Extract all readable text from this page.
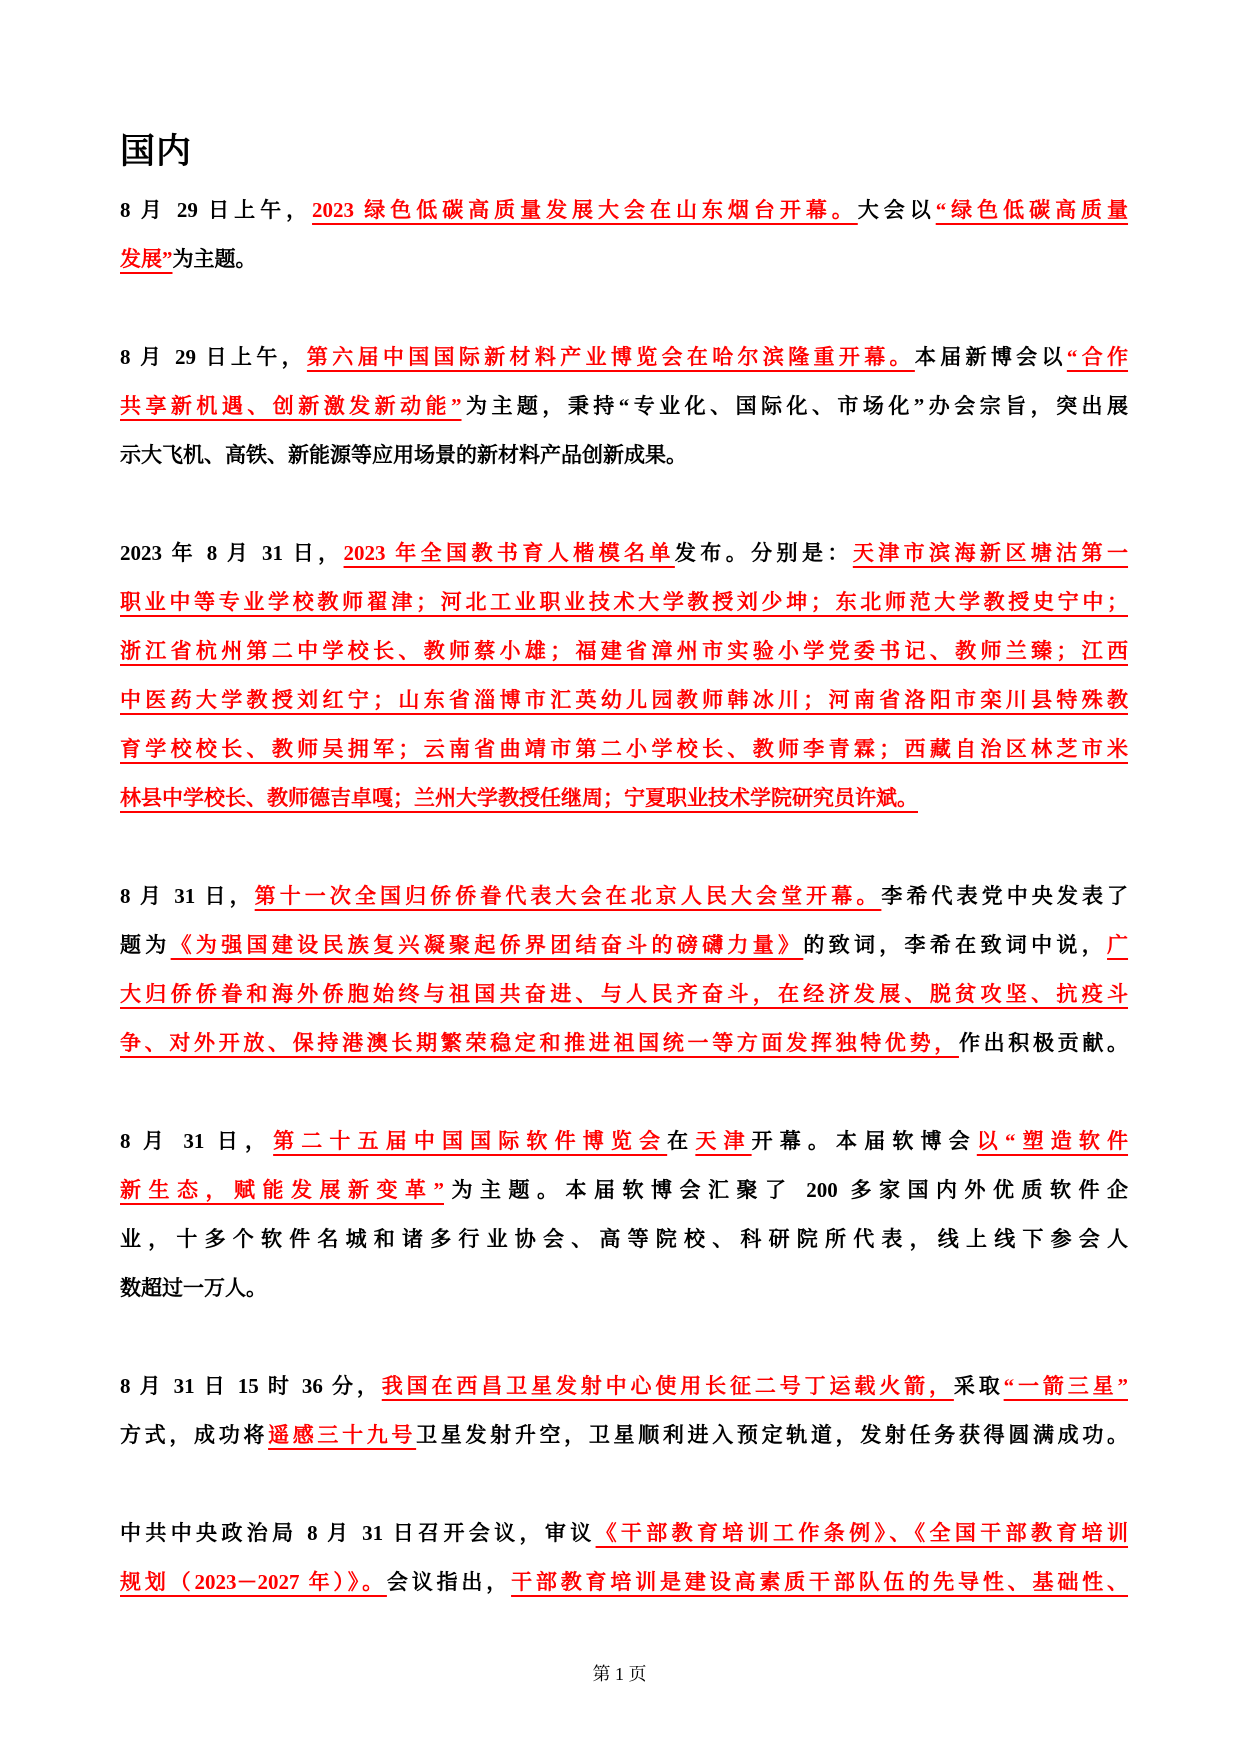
国内
8 月 29 日上午，2023 绿色低碳高质量发展大会在山东烟台开幕。大会以“绿色低碳高质量
发展”为主题。
8 月 29 日上午，第六届中国国际新材料产业博览会在哈尔滨隆重开幕。本届新博会以“合作
共享新机遇、创新激发新动能”为主题，秉持“专业化、国际化、市场化”办会宗旨，突出展
示大飞机、高铁、新能源等应用场景的新材料产品创新成果。
2023 年 8 月 31 日，2023 年全国教书育人楷模名单发布。分别是：天津市滨海新区塘沽第一
职业中等专业学校教师翟津；河北工业职业技术大学教授刘少坤；东北师范大学教授史宁中；
浙江省杭州第二中学校长、教师蔡小雄；福建省漳州市实验小学党委书记、教师兰臻；江西
中医药大学教授刘红宁；山东省淄博市汇英幼儿园教师韩冰川；河南省洛阳市栾川县特殊教
育学校校长、教师吴拥军；云南省曲靖市第二小学校长、教师李青霖；西藏自治区林芝市米
林县中学校长、教师德吉卓嘎；兰州大学教授任继周；宁夏职业技术学院研究员许斌。
8 月 31 日，第十一次全国归侨侨眷代表大会在北京人民大会堂开幕。李希代表党中央发表了
题为《为强国建设民族复兴凝聚起侨界团结奋斗的磅礴力量》的致词，李希在致词中说，广
大归侨侨眷和海外侨胞始终与祖国共奋进、与人民齐奋斗，在经济发展、脱贫攻坚、抗疫斗
争、对外开放、保持港澳长期繁荣稳定和推进祖国统一等方面发挥独特优势，作出积极贡献。
8 月 31 日，第二十五届中国国际软件博览会在天津开幕。本届软博会以“塑造软件
新生态，赋能发展新变革”为主题。本届软博会汇聚了 200 多家国内外优质软件企
业，十多个软件名城和诸多行业协会、高等院校、科研院所代表，线上线下参会人
数超过一万人。
8 月 31 日 15 时 36 分，我国在西昌卫星发射中心使用长征二号丁运载火箭，采取“一箭三星”
方式，成功将遥感三十九号卫星发射升空，卫星顺利进入预定轨道，发射任务获得圆满成功。
中共中央政治局 8 月 31 日召开会议，审议《干部教育培训工作条例》、《全国干部教育培训
规划（2023－2027 年）》。会议指出，干部教育培训是建设高素质干部队伍的先导性、基础性、
第 1 页
